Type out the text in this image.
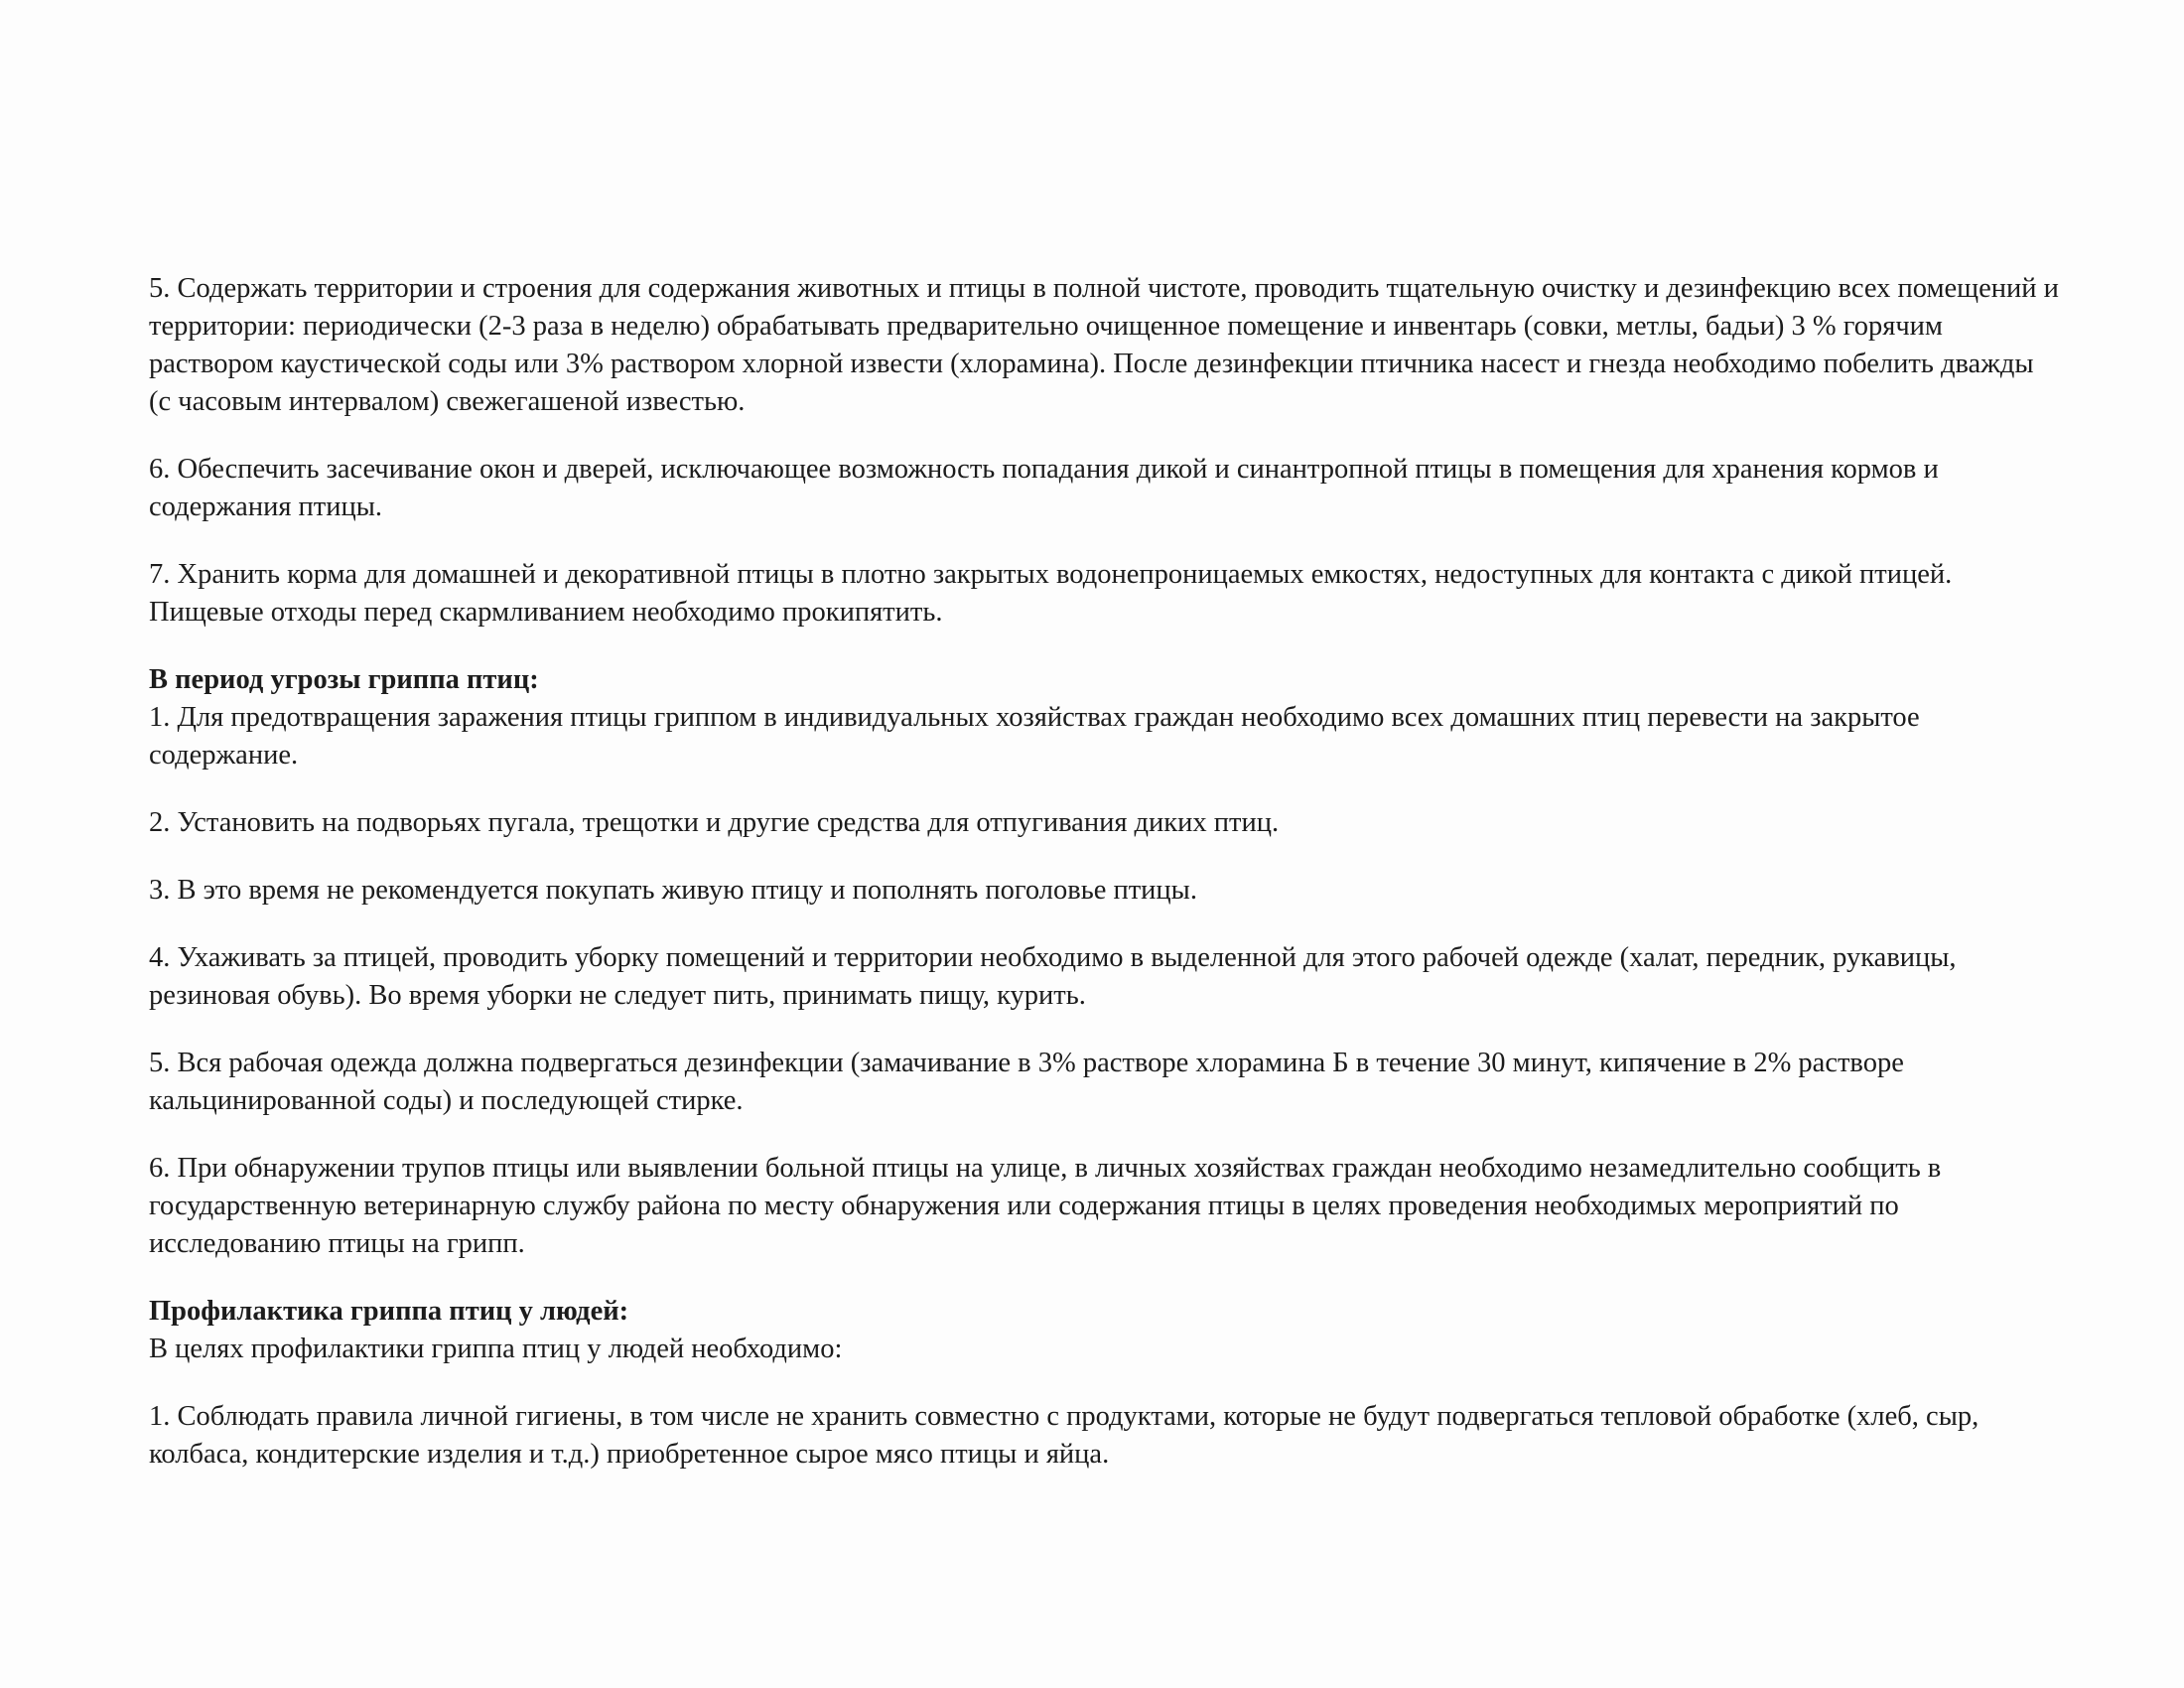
5. Содержать территории и строения для содержания животных и птицы в полной чистоте, проводить тщательную очистку и дезинфекцию всех помещений и территории: периодически (2-3 раза в неделю) обрабатывать предварительно очищенное помещение и инвентарь (совки, метлы, бадьи) 3 % горячим раствором каустической соды или 3% раствором хлорной извести (хлорамина). После дезинфекции птичника насест и гнезда необходимо побелить дважды (с часовым интервалом) свежегашеной известью.

6. Обеспечить засечивание окон и дверей, исключающее возможность попадания дикой и синантропной птицы в помещения для хранения кормов и содержания птицы.

7. Хранить корма для домашней и декоративной птицы в плотно закрытых водонепроницаемых емкостях, недоступных для контакта с дикой птицей. Пищевые отходы перед скармливанием необходимо прокипятить.

В период угрозы гриппа птиц:

1. Для предотвращения заражения птицы гриппом в индивидуальных хозяйствах граждан необходимо всех домашних птиц перевести на закрытое содержание.

2. Установить на подворьях пугала, трещотки и другие средства для отпугивания диких птиц.

3. В это время не рекомендуется покупать живую птицу и пополнять поголовье птицы.

4. Ухаживать за птицей, проводить уборку помещений и территории необходимо в выделенной для этого рабочей одежде (халат, передник, рукавицы, резиновая обувь). Во время уборки не следует пить, принимать пищу, курить.

5. Вся рабочая одежда должна подвергаться дезинфекции (замачивание в 3% растворе хлорамина Б в течение 30 минут, кипячение в 2% растворе кальцинированной соды) и последующей стирке.

6. При обнаружении трупов птицы или выявлении больной птицы на улице, в личных хозяйствах граждан необходимо незамедлительно сообщить в государственную ветеринарную службу района по месту обнаружения или содержания птицы в целях проведения необходимых мероприятий по исследованию птицы на грипп.

Профилактика гриппа птиц у людей:

В целях профилактики гриппа птиц у людей необходимо:

1. Соблюдать правила личной гигиены, в том числе не хранить совместно с продуктами, которые не будут подвергаться тепловой обработке (хлеб, сыр, колбаса, кондитерские изделия и т.д.) приобретенное сырое мясо птицы и яйца.
